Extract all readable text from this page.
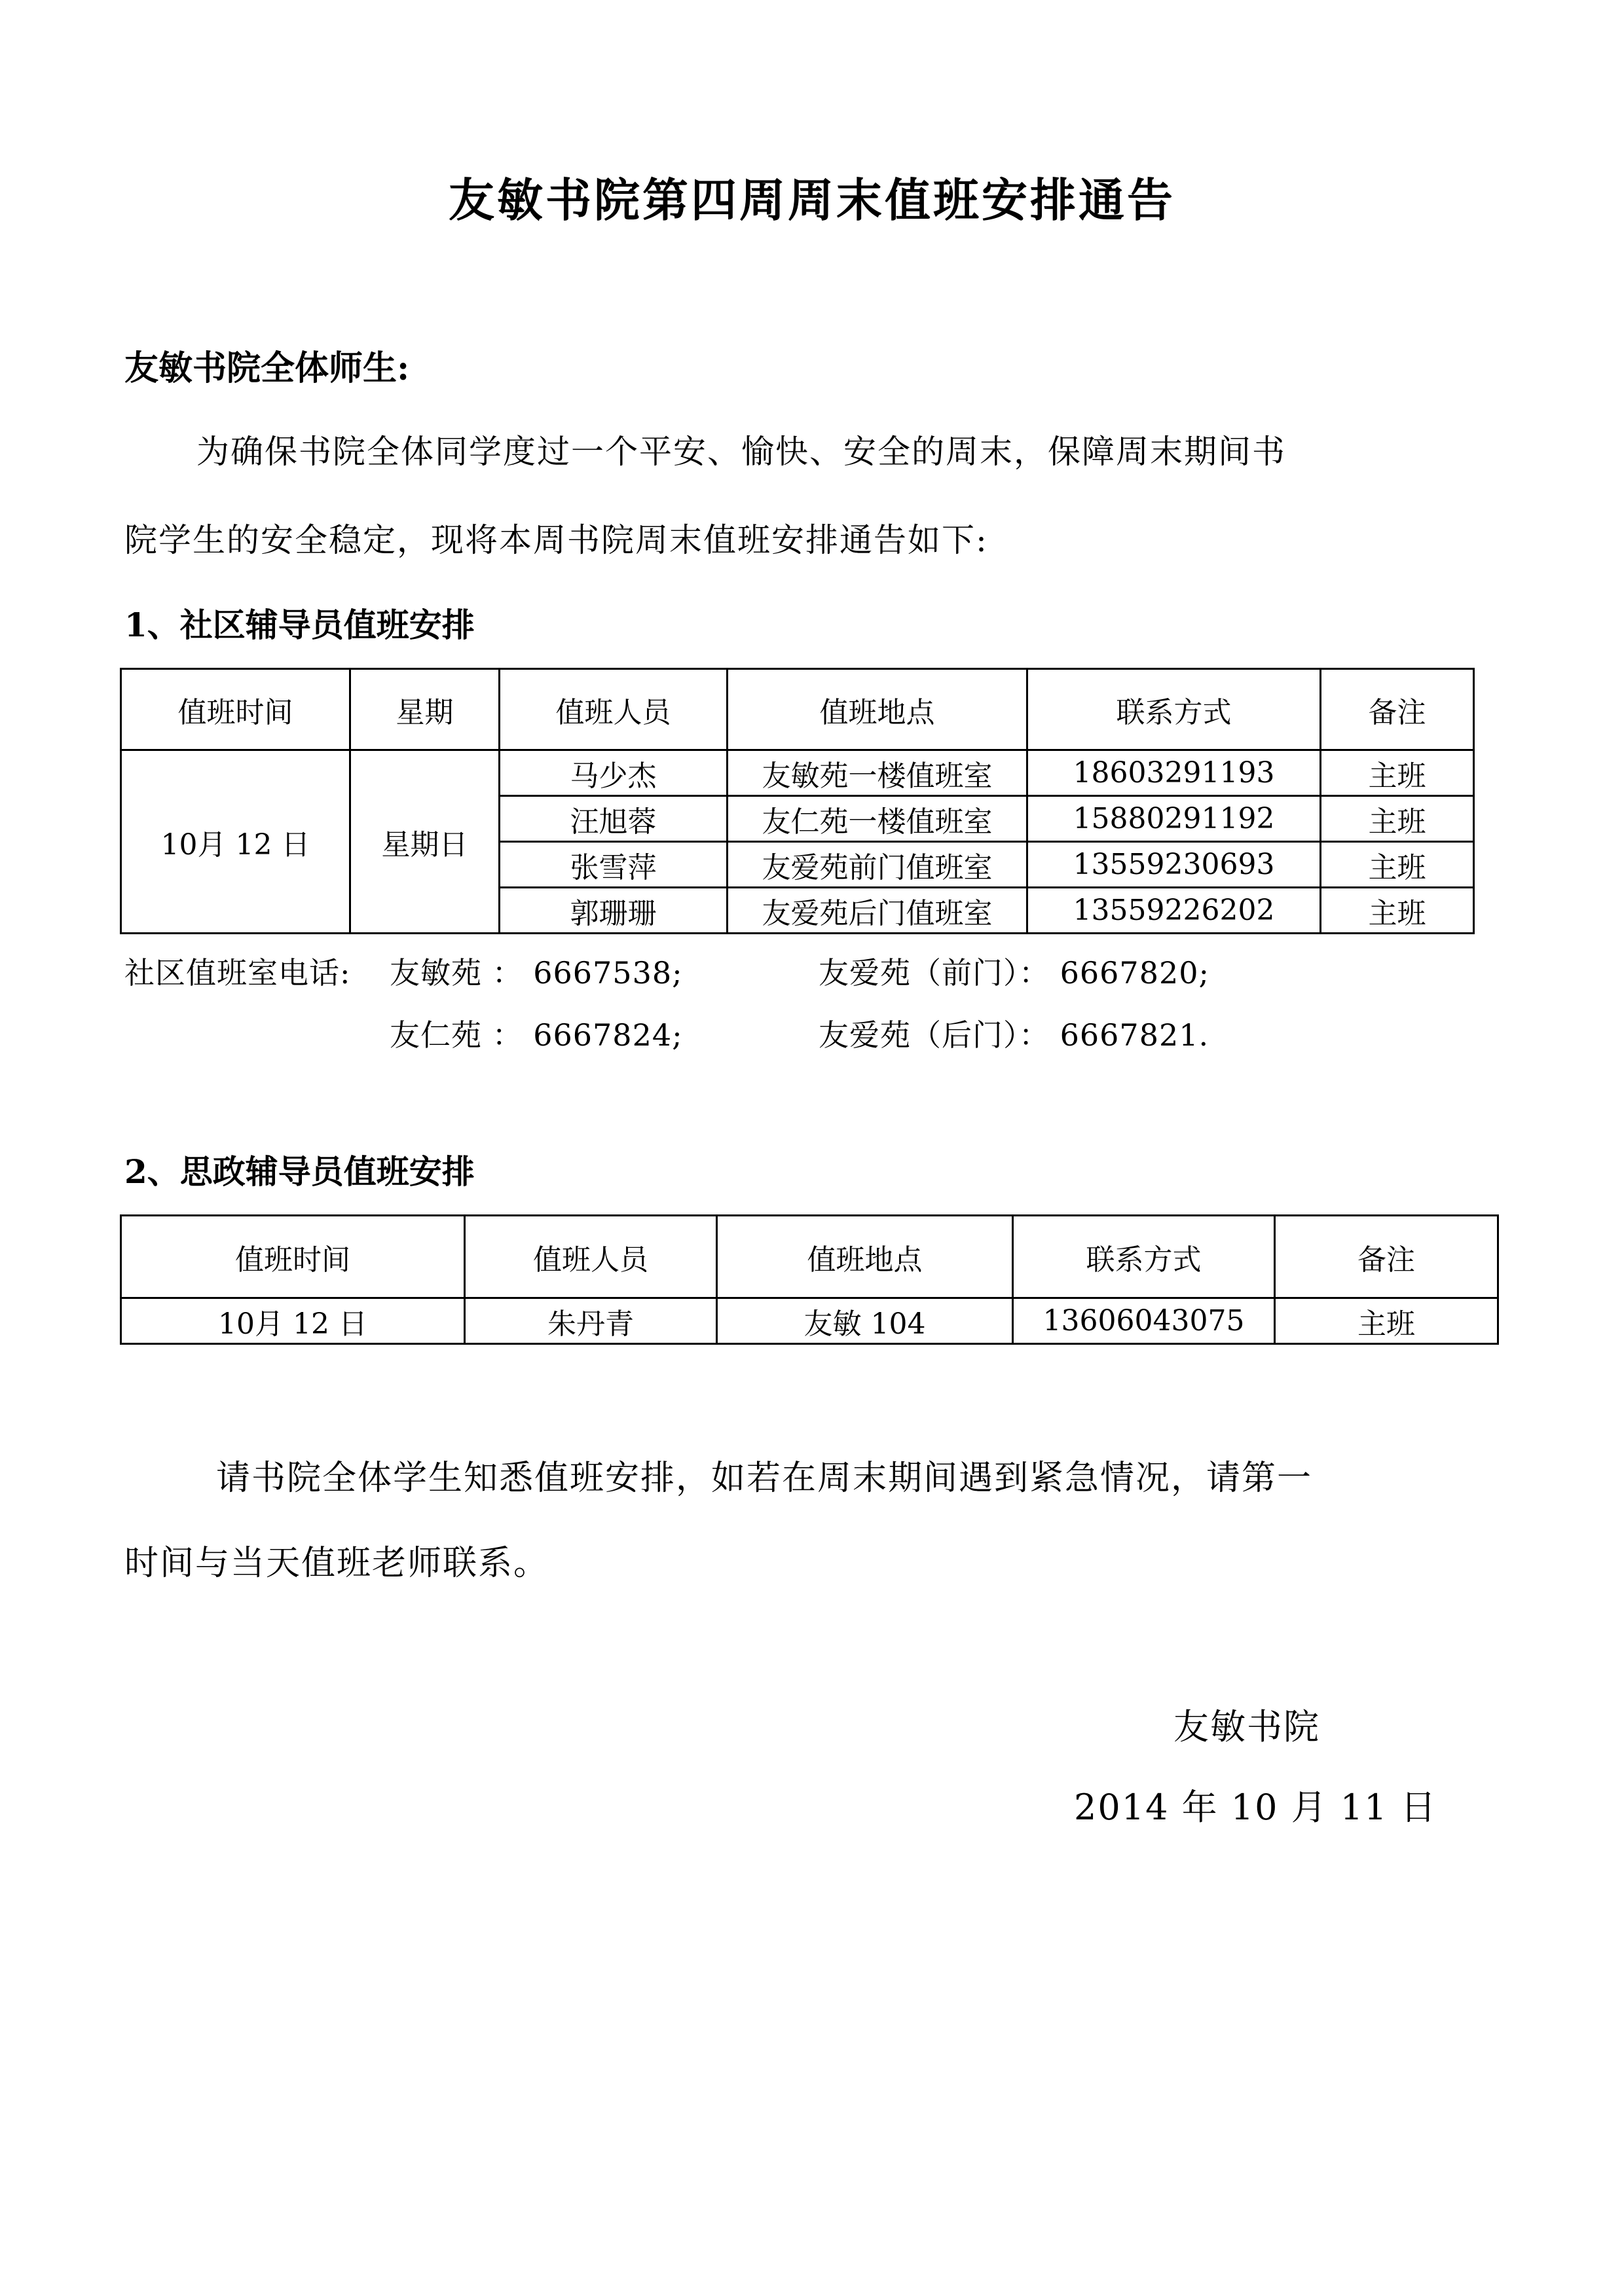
友敏书院第四周周末值班安排通告
友敏书院全体师生:
为确保书院全体同学度过一个平安、愉快、安全的周末，保障周末期间书
院学生的安全稳定，现将本周书院周末值班安排通告如下:
1、社区辅导员值班安排
值班时间	星期	值班人员	值班地点	联系方式	备注
10月 12 日	星期日	马少杰	友敏苑一楼值班室	18603291193	主班
		汪旭蓉	友仁苑一楼值班室	15880291192	主班
		张雪萍	友爱苑前门值班室	13559230693	主班
		郭珊珊	友爱苑后门值班室	13559226202	主班
社区值班室电话: 友敏苑 ： 6667538;	友爱苑（前门）： 6667820;
友仁苑 ： 6667824;	友爱苑（后门）： 6667821.
2、思政辅导员值班安排
值班时间	值班人员	值班地点	联系方式	备注
10月 12 日	朱丹青	友敏 104	13606043075	主班
请书院全体学生知悉值班安排，如若在周末期间遇到紧急情况，请第一
时间与当天值班老师联系。
友敏书院
2014 年 10 月 11 日
